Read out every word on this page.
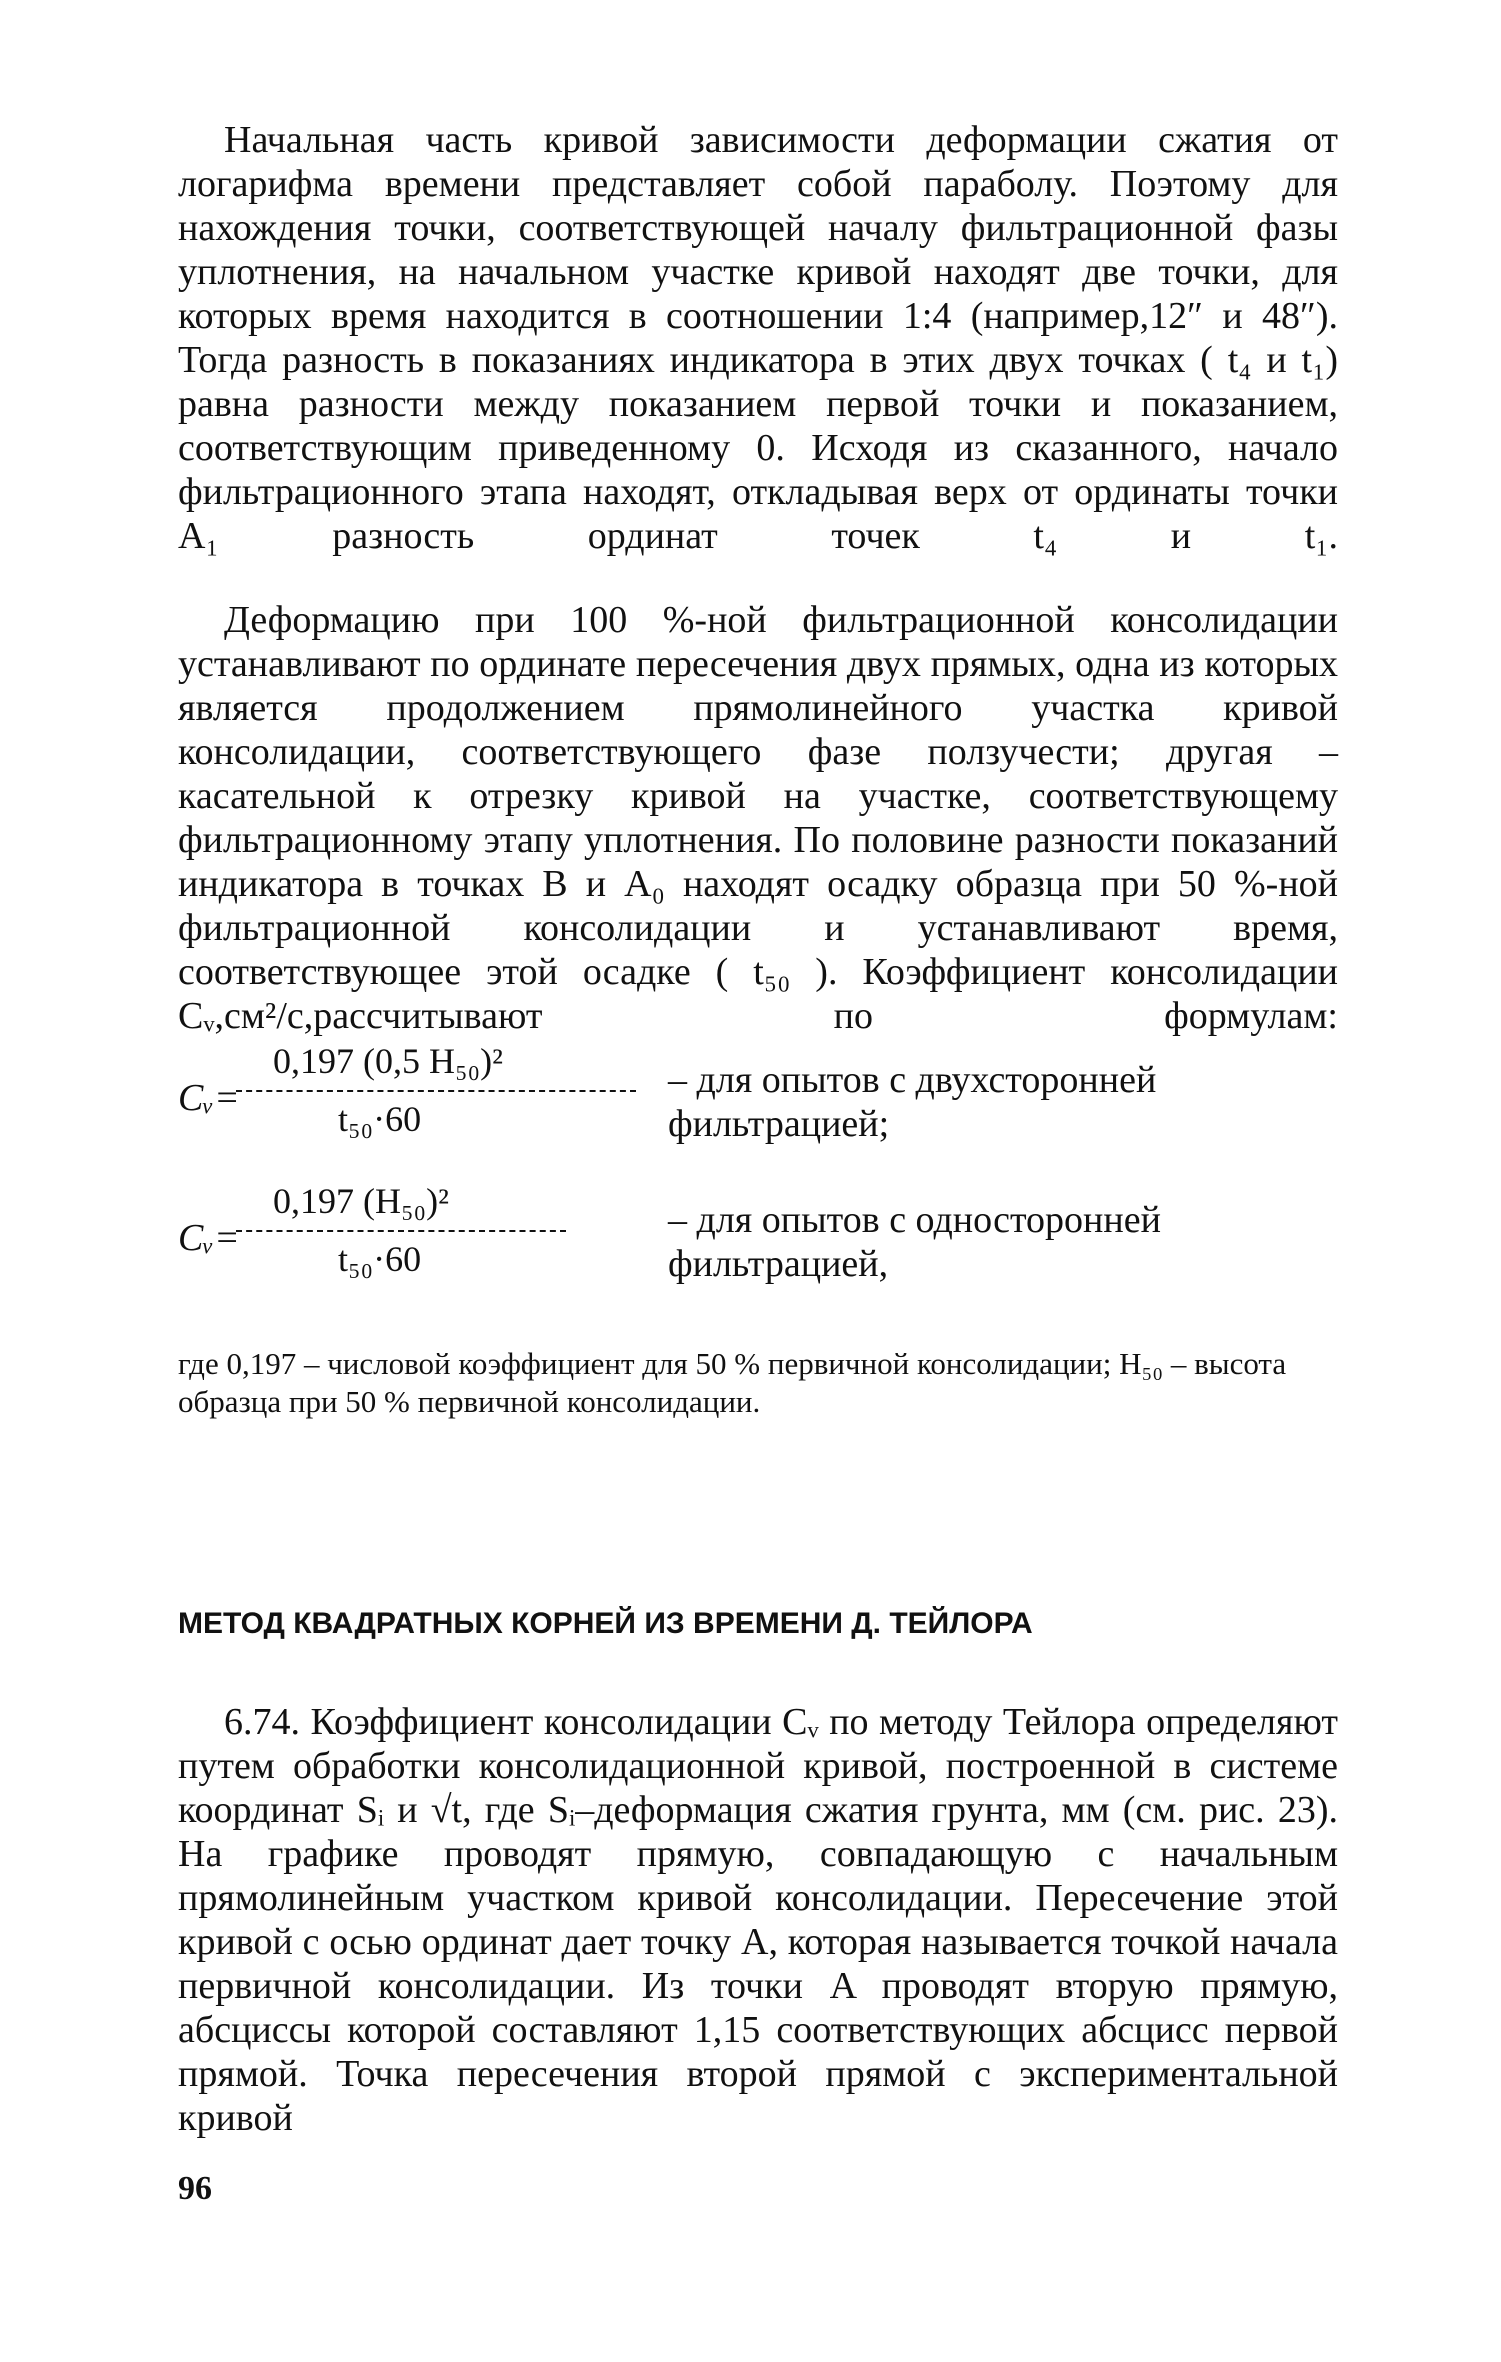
Начальная часть кривой зависимости деформации сжатия от логарифма времени представляет собой параболу. Поэтому для нахождения точки, соответствующей началу фильтрационной фазы уплотнения, на начальном участке кривой находят две точки, для которых время находится в соотношении 1:4 (например,12″ и 48″). Тогда разность в показаниях индикатора в этих двух точках ( t₄ и t₁) равна разности между показанием первой точки и показанием, соответствующим приведенному 0. Исходя из сказанного, начало фильтрационного этапа находят, откладывая верх от ординаты точки A₁ разность ординат точек t₄ и t₁.

Деформацию при 100 %-ной фильтрационной консолидации устанавливают по ординате пересечения двух прямых, одна из которых является продолжением прямолинейного участка кривой консолидации, соответствующего фазе ползучести; другая – касательной к отрезку кривой на участке, соответствующему фильтрационному этапу уплотнения. По половине разности показаний индикатора в точках B и A₀ находят осадку образца при 50 %-ной фильтрационной консолидации и устанавливают время, соответствующее этой осадке ( t₅₀ ). Коэффициент консолидации Cᵥ,см²/c,рассчитывают по формулам:

Cᵥ=
0,197 (0,5 H₅₀)²
t₅₀·60
– для опытов с двухсторонней фильтрацией;
Cᵥ=
0,197 (H₅₀)²
t₅₀·60
– для опытов с односторонней фильтрацией,

где 0,197 – числовой коэффициент для 50 % первичной консолидации; H₅₀ – высота образца при 50 % первичной консолидации.

МЕТОД КВАДРАТНЫХ КОРНЕЙ ИЗ ВРЕМЕНИ Д. ТЕЙЛОРА

6.74. Коэффициент консолидации Cᵥ по методу Тейлора определяют путем обработки консолидационной кривой, построенной в системе координат Sᵢ и √t, где Sᵢ–деформация сжатия грунта, мм (см. рис. 23). На графике проводят прямую, совпадающую с начальным прямолинейным участком кривой консолидации. Пересечение этой кривой с осью ординат дает точку A, которая называется точкой начала первичной консолидации. Из точки A проводят вторую прямую, абсциссы которой составляют 1,15 соответствующих абсцисс первой прямой. Точка пересечения второй прямой с экспериментальной кривой

96
